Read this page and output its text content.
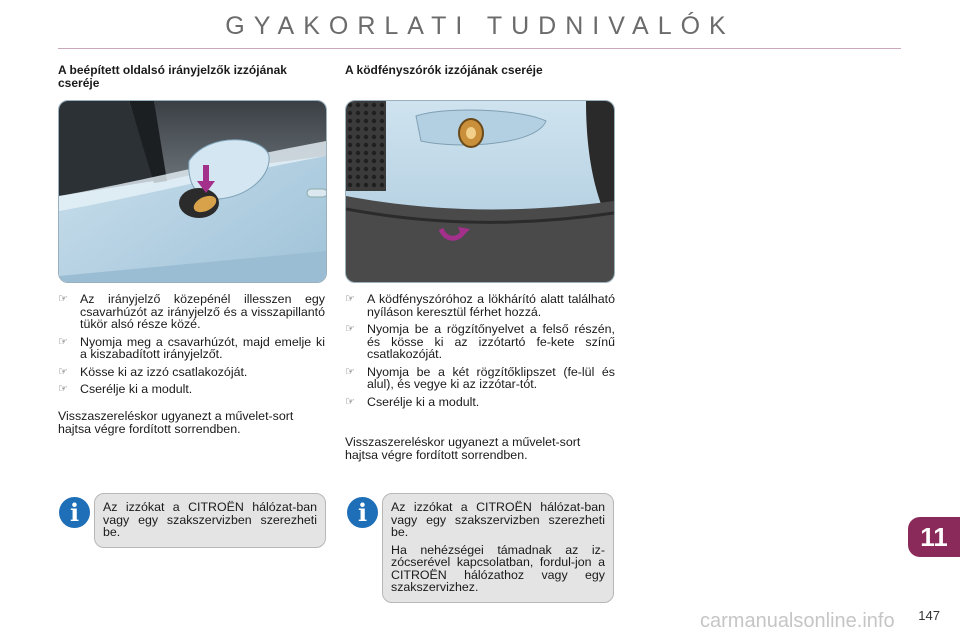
GYAKORLATI TUDNIVALÓK
A beépített oldalsó irányjelzők izzójának cseréje
☞ Az irányjelző közepénél illesszen egy csavarhúzót az irányjelző és a visszapillantó tükör alsó része közé.
☞ Nyomja meg a csavarhúzót, majd emelje ki a kiszabadított irányjelzőt.
☞ Kösse ki az izzó csatlakozóját.
☞ Cserélje ki a modult.
Visszaszereléskor ugyanezt a művelet-sort hajtsa végre fordított sorrendben.
i	Az izzókat a CITROËN hálózat-ban vagy egy szakszervizben szerezheti be.

A ködfényszórók izzójának cseréje
☞ A ködfényszóróhoz a lökhárító alatt található nyíláson keresztül férhet hozzá.
☞ Nyomja be a rögzítőnyelvet a felső részén, és kösse ki az izzótartó fe-kete színű csatlakozóját.
☞ Nyomja be a két rögzítőklipszet (fe-lül és alul), és vegye ki az izzótar-tót.
☞ Cserélje ki a modult.
Visszaszereléskor ugyanezt a művelet-sort hajtsa végre fordított sorrendben.
i	Az izzókat a CITROËN hálózat-ban vagy egy szakszervizben szerezheti be.

Ha nehézségei támadnak az iz-zócserével kapcsolatban, fordul-jon a CITROËN hálózathoz vagy egy szakszervizhez.

11
carmanualsonline.info 147
